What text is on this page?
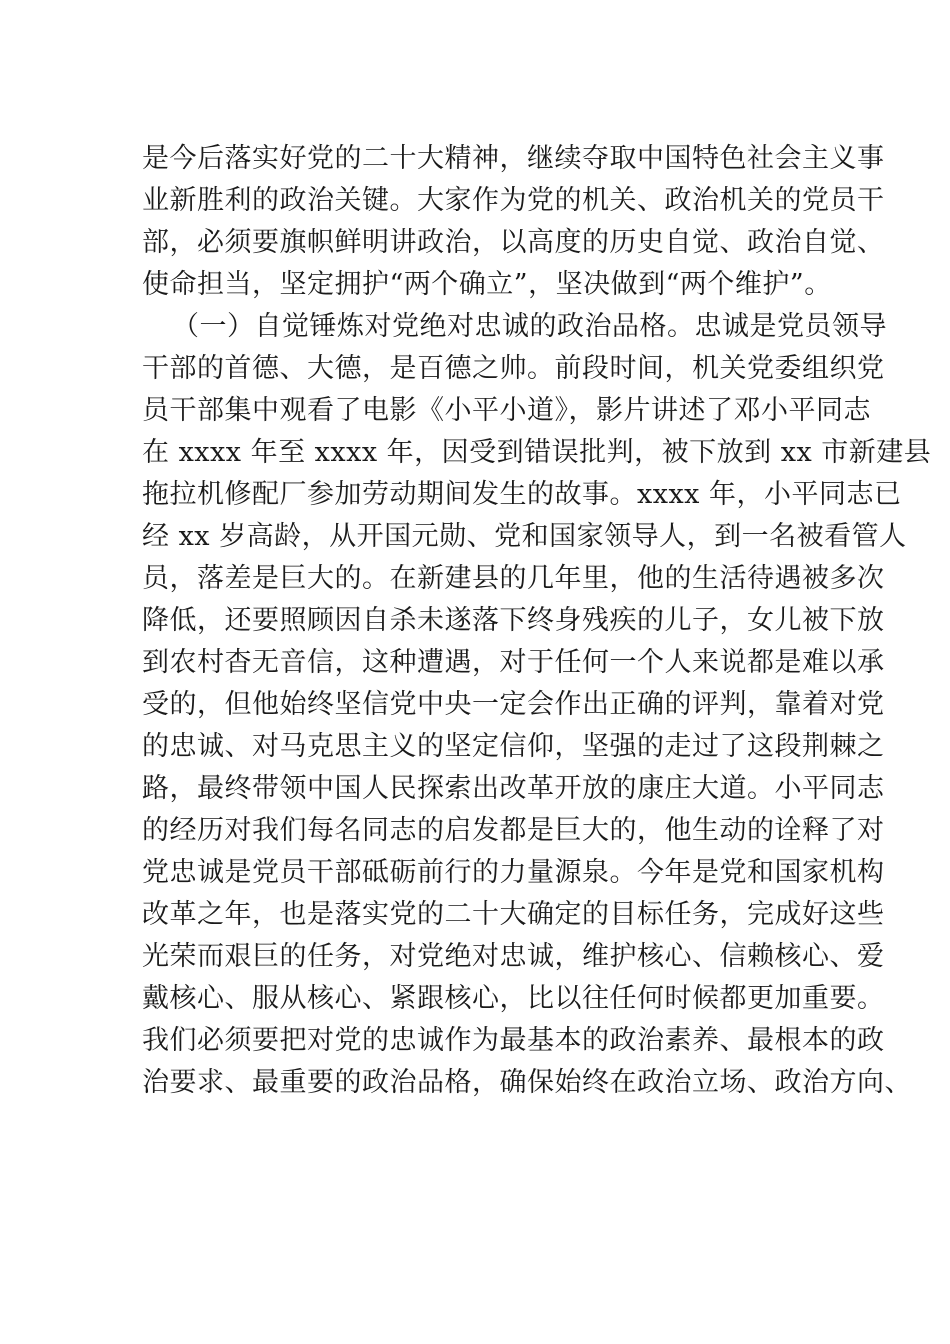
是今后落实好党的二十大精神，继续夺取中国特色社会主义事
业新胜利的政治关键。大家作为党的机关、政治机关的党员干
部，必须要旗帜鲜明讲政治，以高度的历史自觉、政治自觉、
使命担当，坚定拥护“两个确立”，坚决做到“两个维护”。
（一）自觉锤炼对党绝对忠诚的政治品格。忠诚是党员领导
干部的首德、大德，是百德之帅。前段时间，机关党委组织党
员干部集中观看了电影《小平小道》，影片讲述了邓小平同志
在 xxxx 年至 xxxx 年，因受到错误批判，被下放到 xx 市新建县
拖拉机修配厂参加劳动期间发生的故事。xxxx 年，小平同志已
经 xx 岁高龄，从开国元勋、党和国家领导人，到一名被看管人
员，落差是巨大的。在新建县的几年里，他的生活待遇被多次
降低，还要照顾因自杀未遂落下终身残疾的儿子，女儿被下放
到农村杳无音信，这种遭遇，对于任何一个人来说都是难以承
受的，但他始终坚信党中央一定会作出正确的评判，靠着对党
的忠诚、对马克思主义的坚定信仰，坚强的走过了这段荆棘之
路，最终带领中国人民探索出改革开放的康庄大道。小平同志
的经历对我们每名同志的启发都是巨大的，他生动的诠释了对
党忠诚是党员干部砥砺前行的力量源泉。今年是党和国家机构
改革之年，也是落实党的二十大确定的目标任务，完成好这些
光荣而艰巨的任务，对党绝对忠诚，维护核心、信赖核心、爱
戴核心、服从核心、紧跟核心，比以往任何时候都更加重要。
我们必须要把对党的忠诚作为最基本的政治素养、最根本的政
治要求、最重要的政治品格，确保始终在政治立场、政治方向、
